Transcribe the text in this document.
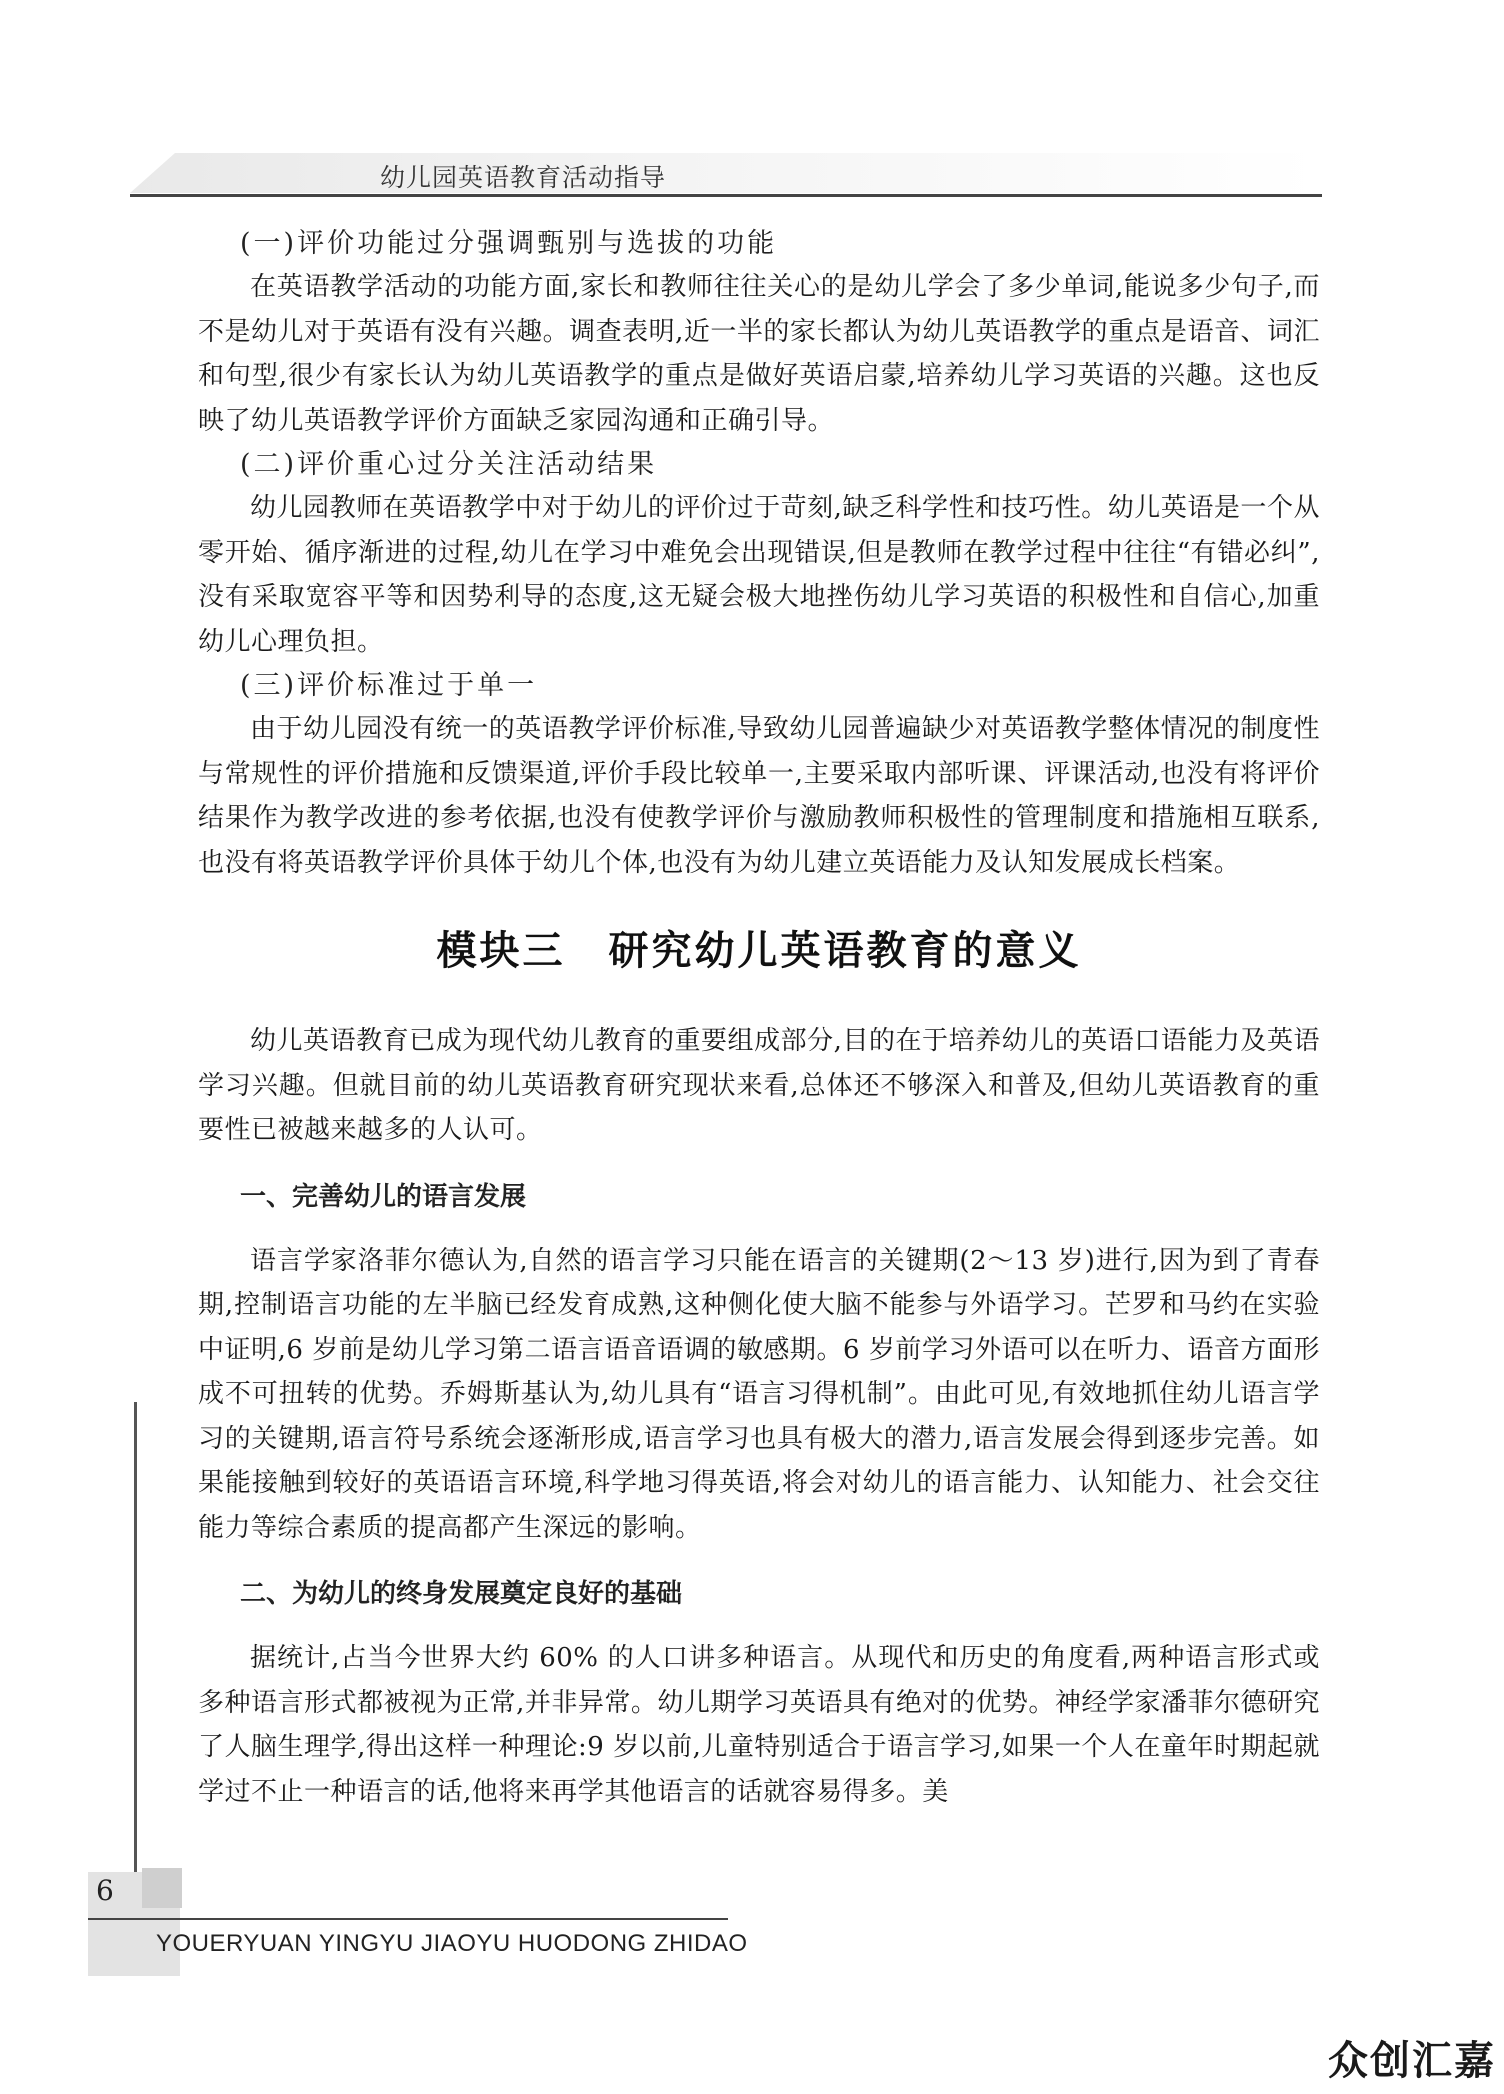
幼儿园英语教育活动指导

(一)评价功能过分强调甄别与选拔的功能

在英语教学活动的功能方面,家长和教师往往关心的是幼儿学会了多少单词,能说多少句子,而不是幼儿对于英语有没有兴趣。调查表明,近一半的家长都认为幼儿英语教学的重点是语音、词汇和句型,很少有家长认为幼儿英语教学的重点是做好英语启蒙,培养幼儿学习英语的兴趣。这也反映了幼儿英语教学评价方面缺乏家园沟通和正确引导。

(二)评价重心过分关注活动结果

幼儿园教师在英语教学中对于幼儿的评价过于苛刻,缺乏科学性和技巧性。幼儿英语是一个从零开始、循序渐进的过程,幼儿在学习中难免会出现错误,但是教师在教学过程中往往“有错必纠”,没有采取宽容平等和因势利导的态度,这无疑会极大地挫伤幼儿学习英语的积极性和自信心,加重幼儿心理负担。

(三)评价标准过于单一

由于幼儿园没有统一的英语教学评价标准,导致幼儿园普遍缺少对英语教学整体情况的制度性与常规性的评价措施和反馈渠道,评价手段比较单一,主要采取内部听课、评课活动,也没有将评价结果作为教学改进的参考依据,也没有使教学评价与激励教师积极性的管理制度和措施相互联系,也没有将英语教学评价具体于幼儿个体,也没有为幼儿建立英语能力及认知发展成长档案。

模块三　研究幼儿英语教育的意义

幼儿英语教育已成为现代幼儿教育的重要组成部分,目的在于培养幼儿的英语口语能力及英语学习兴趣。但就目前的幼儿英语教育研究现状来看,总体还不够深入和普及,但幼儿英语教育的重要性已被越来越多的人认可。

一、完善幼儿的语言发展

语言学家洛菲尔德认为,自然的语言学习只能在语言的关键期(2～13 岁)进行,因为到了青春期,控制语言功能的左半脑已经发育成熟,这种侧化使大脑不能参与外语学习。芒罗和马约在实验中证明,6 岁前是幼儿学习第二语言语音语调的敏感期。6 岁前学习外语可以在听力、语音方面形成不可扭转的优势。乔姆斯基认为,幼儿具有“语言习得机制”。由此可见,有效地抓住幼儿语言学习的关键期,语言符号系统会逐渐形成,语言学习也具有极大的潜力,语言发展会得到逐步完善。如果能接触到较好的英语语言环境,科学地习得英语,将会对幼儿的语言能力、认知能力、社会交往能力等综合素质的提高都产生深远的影响。

二、为幼儿的终身发展奠定良好的基础

据统计,占当今世界大约 60% 的人口讲多种语言。从现代和历史的角度看,两种语言形式或多种语言形式都被视为正常,并非异常。幼儿期学习英语具有绝对的优势。神经学家潘菲尔德研究了人脑生理学,得出这样一种理论:9 岁以前,儿童特别适合于语言学习,如果一个人在童年时期起就学过不止一种语言的话,他将来再学其他语言的话就容易得多。美

6
YOUERYUAN YINGYU JIAOYU HUODONG ZHIDAO
众创汇嘉
